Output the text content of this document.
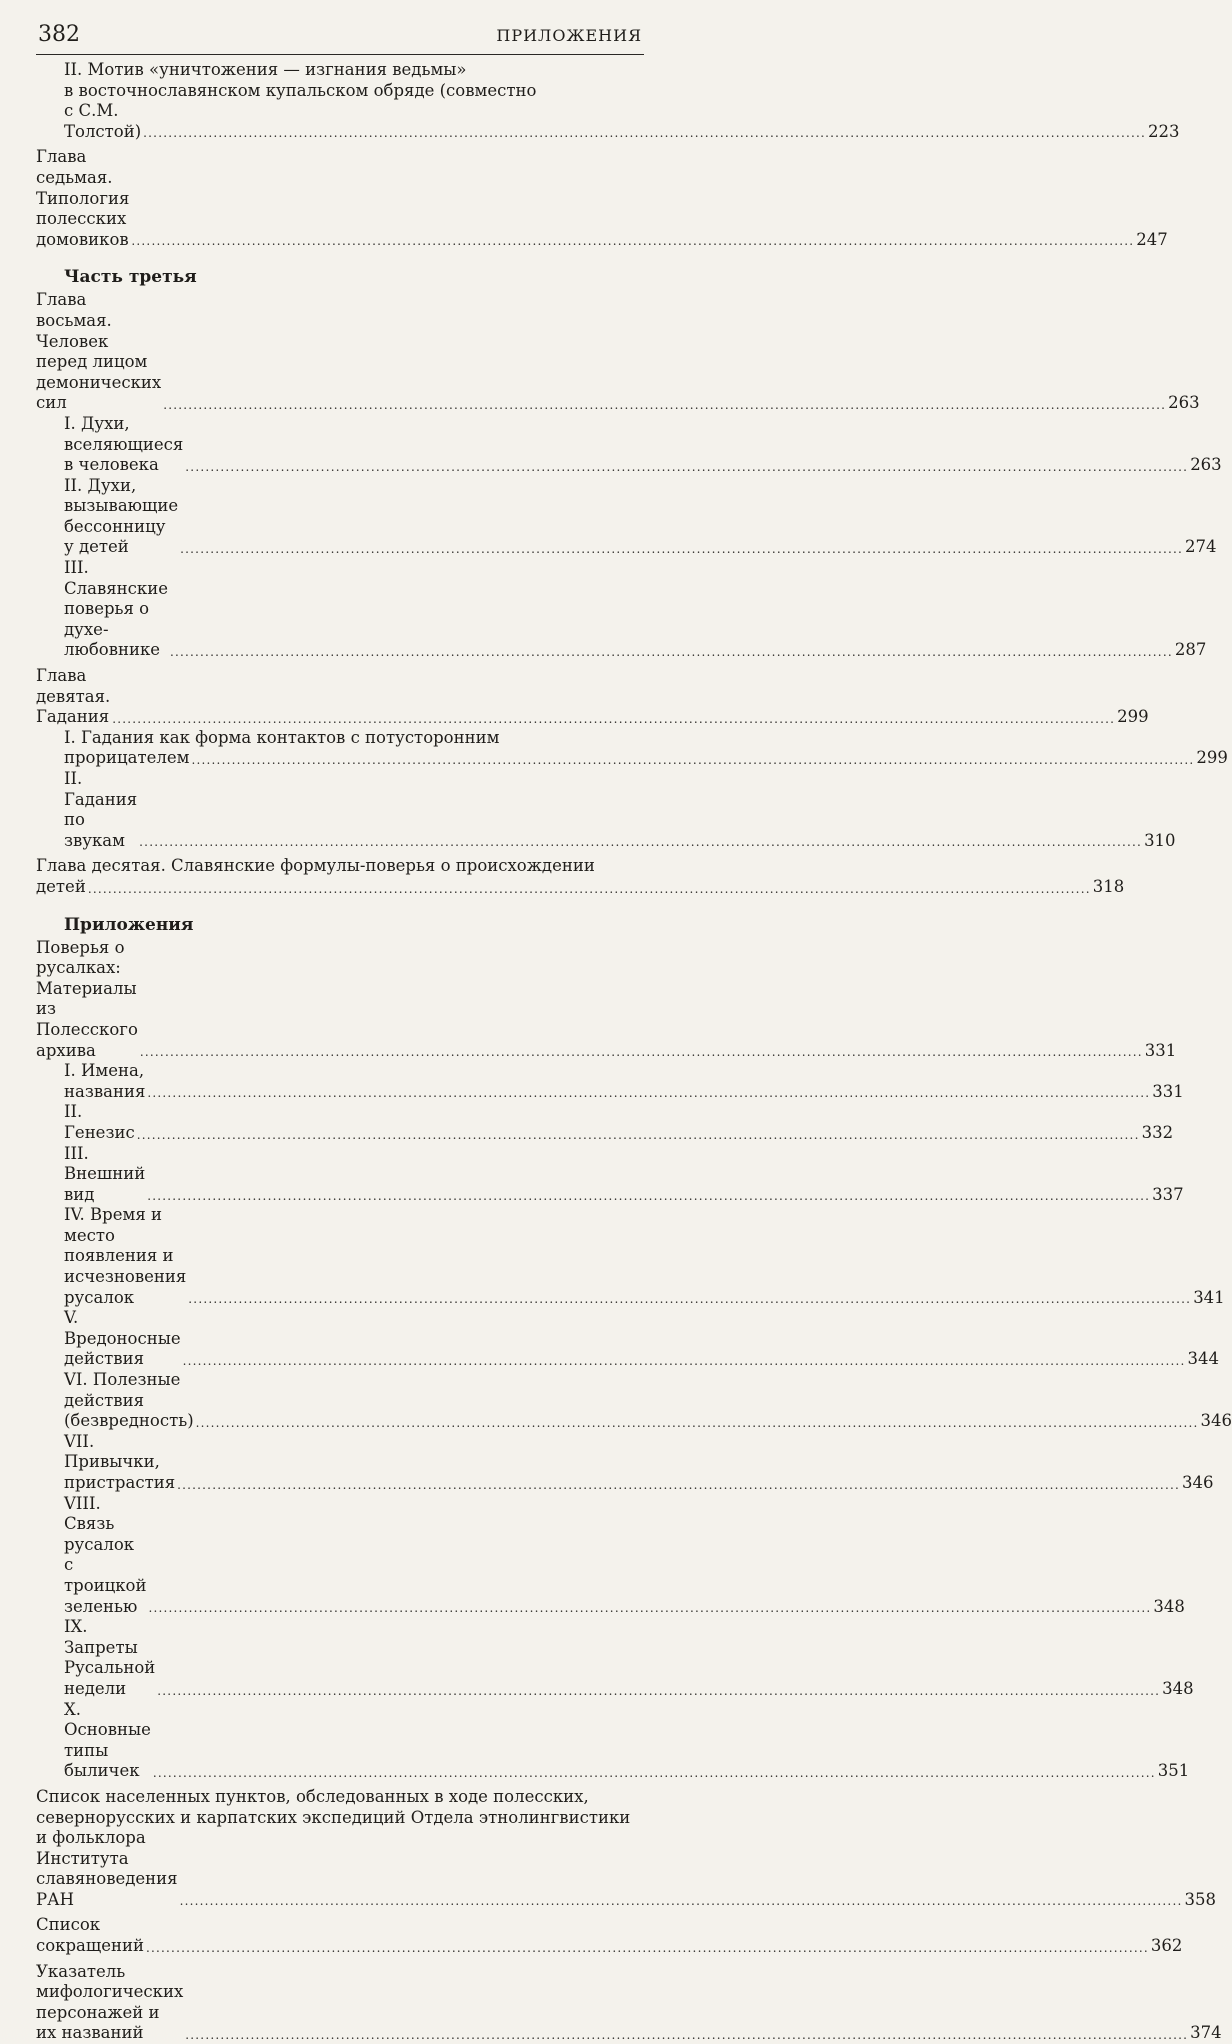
382	ПРИЛОЖЕНИЯ
II. Мотив «уничтожения — изгнания ведьмы»
в восточнославянском купальском обряде (совместно
с С.М. Толстой) ........................................................................................................................................................................................................ 223
Глава седьмая. Типология полесских домовиков ........................................................................................................................................................................................................ 247
Часть третья
Глава восьмая. Человек перед лицом демонических сил	........................................................................................................................................................................................................ 263
I. Духи, вселяющиеся в человека	........................................................................................................................................................................................................ 263
II. Духи, вызывающие бессонницу у детей	........................................................................................................................................................................................................ 274
III. Славянские поверья о духе-любовнике ........................................................................................................................................................................................................ 287
Глава девятая. Гадания ........................................................................................................................................................................................................ 299
I. Гадания как форма контактов с потусторонним
прорицателем ........................................................................................................................................................................................................ 299
II. Гадания по звукам	........................................................................................................................................................................................................ 310
Глава десятая. Славянские формулы-поверья о происхождении
детей ........................................................................................................................................................................................................ 318
Приложения
Поверья о русалках: Материалы из Полесского архива	........................................................................................................................................................................................................ 331
I. Имена, названия ........................................................................................................................................................................................................ 331
II. Генезис ........................................................................................................................................................................................................ 332
III. Внешний вид	........................................................................................................................................................................................................ 337
IV. Время и место появления и исчезновения русалок	........................................................................................................................................................................................................ 341
V. Вредоносные действия	........................................................................................................................................................................................................ 344
VI. Полезные действия (безвредность) ........................................................................................................................................................................................................ 346
VII. Привычки, пристрастия ........................................................................................................................................................................................................ 346
VIII. Связь русалок с троицкой зеленью ........................................................................................................................................................................................................ 348
IX. Запреты Русальной недели	........................................................................................................................................................................................................ 348
X. Основные типы быличек	........................................................................................................................................................................................................ 351
Список населенных пунктов, обследованных в ходе полесских,
севернорусских и карпатских экспедиций Отдела этнолингвистики
и фольклора Института славяноведения РАН	........................................................................................................................................................................................................ 358
Список сокращений ........................................................................................................................................................................................................ 362
Указатель мифологических персонажей и их названий	........................................................................................................................................................................................................ 374
